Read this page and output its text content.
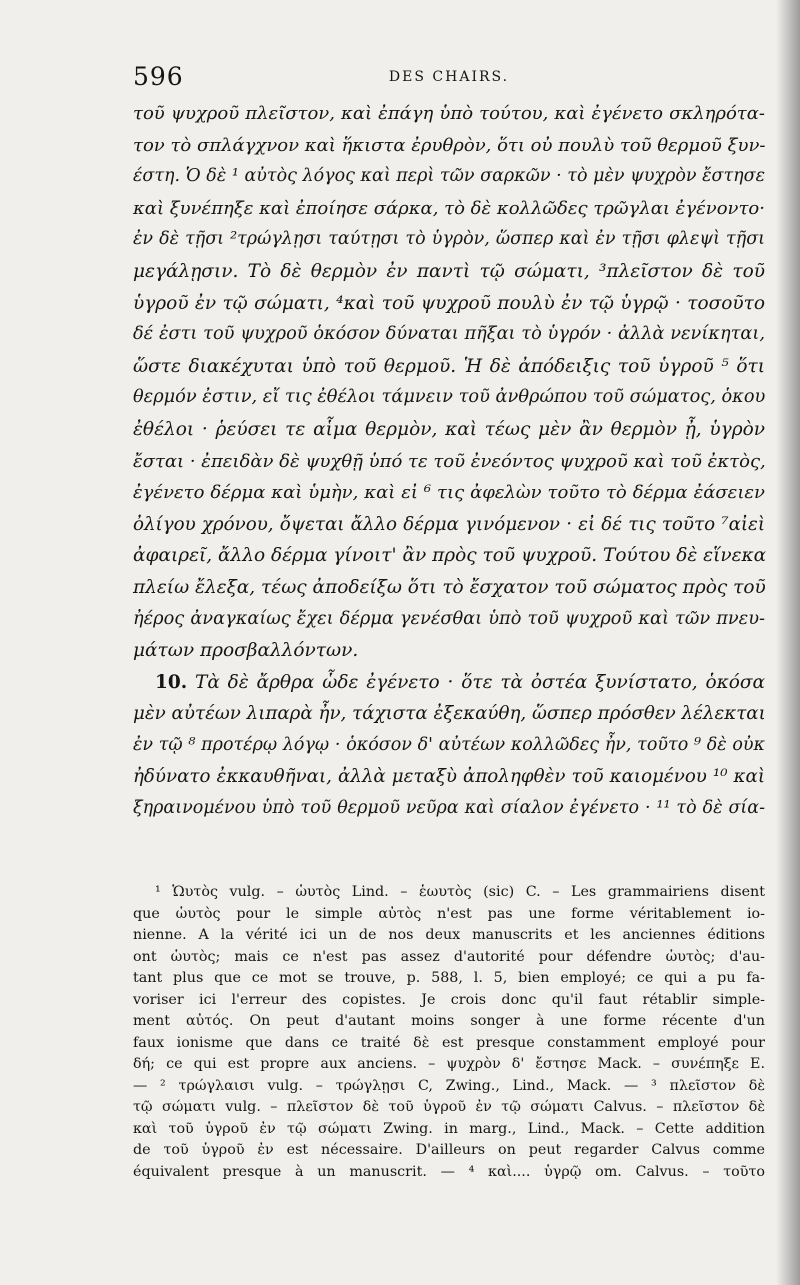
596	DES CHAIRS.
τοῦ ψυχροῦ πλεῖστον, καὶ ἐπάγη ὑπὸ τούτου, καὶ ἐγένετο σκληρότα-
τον τὸ σπλάγχνον καὶ ἥκιστα ἐρυθρὸν, ὅτι οὐ πουλὺ τοῦ θερμοῦ ξυν-
έστη. Ὁ δὲ ¹ αὐτὸς λόγος καὶ περὶ τῶν σαρκῶν · τὸ μὲν ψυχρὸν ἔστησε
καὶ ξυνέπηξε καὶ ἐποίησε σάρκα, τὸ δὲ κολλῶδες τρῶγλαι ἐγένοντο·
ἐν δὲ τῇσι ²τρώγλῃσι ταύτῃσι τὸ ὑγρὸν, ὥσπερ καὶ ἐν τῇσι φλεψὶ τῇσι
μεγάλῃσιν. Τὸ δὲ θερμὸν ἐν παντὶ τῷ σώματι, ³πλεῖστον δὲ τοῦ
ὑγροῦ ἐν τῷ σώματι, ⁴καὶ τοῦ ψυχροῦ πουλὺ ἐν τῷ ὑγρῷ · τοσοῦτο
δέ ἐστι τοῦ ψυχροῦ ὁκόσον δύναται πῆξαι τὸ ὑγρόν · ἀλλὰ νενίκηται,
ὥστε διακέχυται ὑπὸ τοῦ θερμοῦ. Ἡ δὲ ἀπόδειξις τοῦ ὑγροῦ ⁵ ὅτι
θερμόν ἐστιν, εἴ τις ἐθέλοι τάμνειν τοῦ ἀνθρώπου τοῦ σώματος, ὁκου
ἐθέλοι · ῥεύσει τε αἷμα θερμὸν, καὶ τέως μὲν ἂν θερμὸν ᾖ, ὑγρὸν
ἔσται · ἐπειδὰν δὲ ψυχθῇ ὑπό τε τοῦ ἐνεόντος ψυχροῦ καὶ τοῦ ἐκτὸς,
ἐγένετο δέρμα καὶ ὑμὴν, καὶ εἰ ⁶ τις ἀφελὼν τοῦτο τὸ δέρμα ἐάσειεν
ὀλίγου χρόνου, ὄψεται ἄλλο δέρμα γινόμενον · εἰ δέ τις τοῦτο ⁷αἰεὶ
ἀφαιρεῖ, ἄλλο δέρμα γίνοιτ' ἂν πρὸς τοῦ ψυχροῦ. Τούτου δὲ εἵνεκα
πλείω ἔλεξα, τέως ἀποδείξω ὅτι τὸ ἔσχατον τοῦ σώματος πρὸς τοῦ
ἠέρος ἀναγκαίως ἔχει δέρμα γενέσθαι ὑπὸ τοῦ ψυχροῦ καὶ τῶν πνευ-
μάτων προσβαλλόντων.
10. Τὰ δὲ ἄρθρα ὧδε ἐγένετο · ὅτε τὰ ὀστέα ξυνίστατο, ὁκόσα
μὲν αὐτέων λιπαρὰ ἦν, τάχιστα ἐξεκαύθη, ὥσπερ πρόσθεν λέλεκται
ἐν τῷ ⁸ προτέρῳ λόγῳ · ὁκόσον δ' αὐτέων κολλῶδες ἦν, τοῦτο ⁹ δὲ οὐκ
ἠδύνατο ἐκκαυθῆναι, ἀλλὰ μεταξὺ ἀποληφθὲν τοῦ καιομένου ¹⁰ καὶ
ξηραινομένου ὑπὸ τοῦ θερμοῦ νεῦρα καὶ σίαλον ἐγένετο · ¹¹ τὸ δὲ σία-
¹ Ὡυτὸς vulg. – ὡυτὸς Lind. – ἑωυτὸς (sic) C. – Les grammairiens disent
que ὡυτὸς pour le simple αὐτὸς n'est pas une forme véritablement io-
nienne. A la vérité ici un de nos deux manuscrits et les anciennes éditions
ont ὡυτὸς; mais ce n'est pas assez d'autorité pour défendre ὡυτὸς; d'au-
tant plus que ce mot se trouve, p. 588, l. 5, bien employé; ce qui a pu fa-
voriser ici l'erreur des copistes. Je crois donc qu'il faut rétablir simple-
ment αὐτός. On peut d'autant moins songer à une forme récente d'un
faux ionisme que dans ce traité δὲ est presque constamment employé pour
δή; ce qui est propre aux anciens. – ψυχρὸν δ' ἔστησε Mack. – συνέπηξε E.
— ² τρώγλαισι vulg. – τρώγλῃσι C, Zwing., Lind., Mack. — ³ πλεῖστον δὲ
τῷ σώματι vulg. – πλεῖστον δὲ τοῦ ὑγροῦ ἐν τῷ σώματι Calvus. – πλεῖστον δὲ
καὶ τοῦ ὑγροῦ ἐν τῷ σώματι Zwing. in marg., Lind., Mack. – Cette addition
de τοῦ ὑγροῦ ἐν est nécessaire. D'ailleurs on peut regarder Calvus comme
équivalent presque à un manuscrit. — ⁴ καὶ.... ὑγρῷ om. Calvus. – τοῦτο
